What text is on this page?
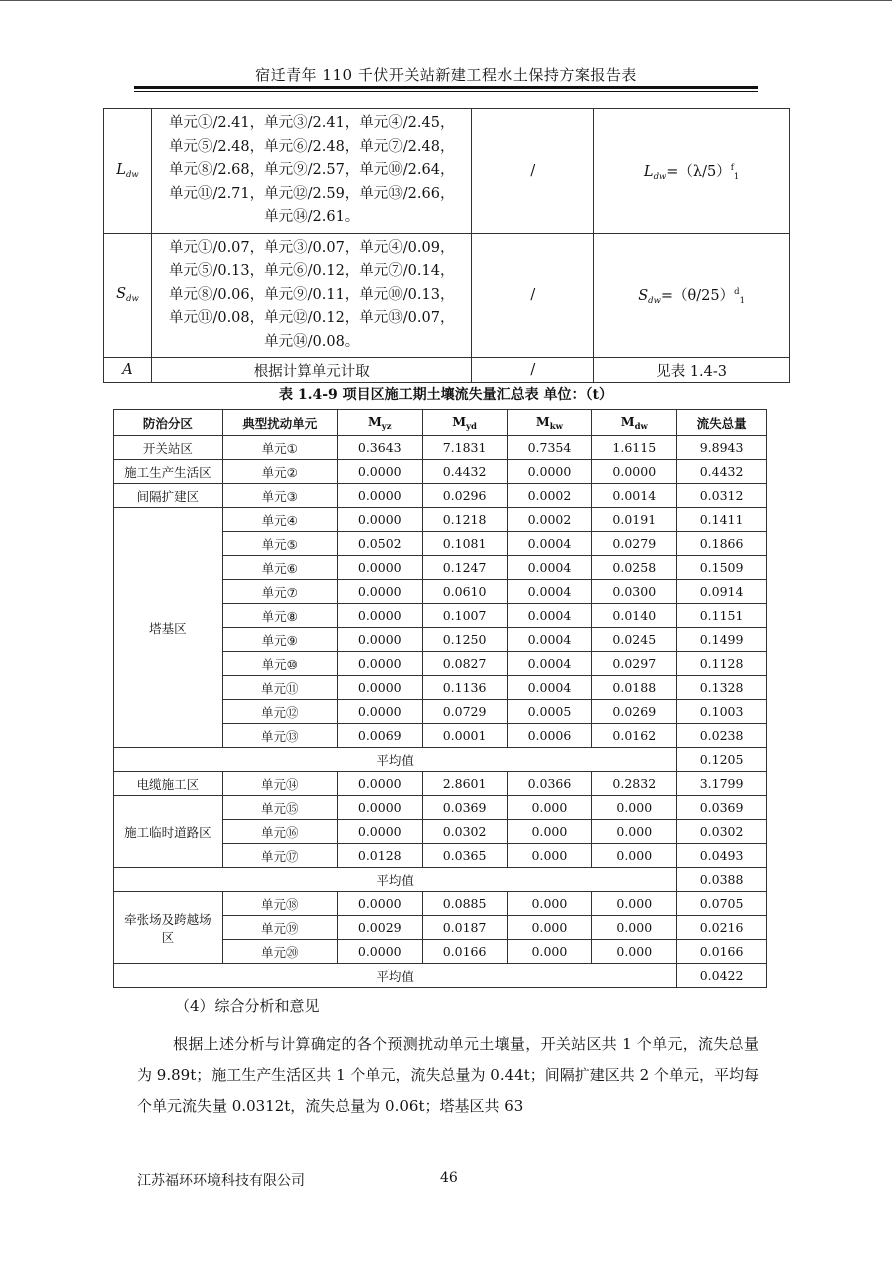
宿迁青年 110 千伏开关站新建工程水土保持方案报告表
$L_{dw}$	单元①/2.41，单元③/2.41，单元④/2.45，
单元⑤/2.48，单元⑥/2.48，单元⑦/2.48，
单元⑧/2.68，单元⑨/2.57，单元⑩/2.64，
单元⑪/2.71，单元⑫/2.59，单元⑬/2.66，
单元⑭/2.61。	/	$L_{dw}=(\lambda/5)^f_1$
$S_{dw}$	单元①/0.07，单元③/0.07，单元④/0.09，
单元⑤/0.13，单元⑥/0.12，单元⑦/0.14，
单元⑧/0.06，单元⑨/0.11，单元⑩/0.13，
单元⑪/0.08，单元⑫/0.12，单元⑬/0.07，
单元⑭/0.08。	/	$S_{dw}=(\theta/25)^d_1$
A	根据计算单元计取	/	见表 1.4-3
表 1.4-9 项目区施工期土壤流失量汇总表 单位：（t）
防治分区	典型扰动单元	$M_{yz}$	$M_{yd}$	$M_{kw}$	$M_{dw}$	流失总量
开关站区	单元①	0.3643	7.1831	0.7354	1.6115	9.8943
施工生产生活区	单元②	0.0000	0.4432	0.0000	0.0000	0.4432
间隔扩建区	单元③	0.0000	0.0296	0.0002	0.0014	0.0312
塔基区	单元④	0.0000	0.1218	0.0002	0.0191	0.1411
	单元⑤	0.0502	0.1081	0.0004	0.0279	0.1866
	单元⑥	0.0000	0.1247	0.0004	0.0258	0.1509
	单元⑦	0.0000	0.0610	0.0004	0.0300	0.0914
	单元⑧	0.0000	0.1007	0.0004	0.0140	0.1151
	单元⑨	0.0000	0.1250	0.0004	0.0245	0.1499
	单元⑩	0.0000	0.0827	0.0004	0.0297	0.1128
	单元⑪	0.0000	0.1136	0.0004	0.0188	0.1328
	单元⑫	0.0000	0.0729	0.0005	0.0269	0.1003
	单元⑬	0.0069	0.0001	0.0006	0.0162	0.0238
平均值						0.1205
电缆施工区	单元⑭	0.0000	2.8601	0.0366	0.2832	3.1799
施工临时道路区	单元⑮	0.0000	0.0369	0.000	0.000	0.0369
	单元⑯	0.0000	0.0302	0.000	0.000	0.0302
	单元⑰	0.0128	0.0365	0.000	0.000	0.0493
平均值						0.0388
牵张场及跨越场区	单元⑱	0.0000	0.0885	0.000	0.000	0.0705
	单元⑲	0.0029	0.0187	0.000	0.000	0.0216
	单元⑳	0.0000	0.0166	0.000	0.000	0.0166
平均值						0.0422
（4）综合分析和意见
根据上述分析与计算确定的各个预测扰动单元土壤量，开关站区共 1 个单元，流失总量为 9.89t；施工生产生活区共 1 个单元，流失总量为 0.44t；间隔扩建区共 2 个单元，平均每个单元流失量 0.0312t，流失总量为 0.06t；塔基区共 63
江苏福环环境科技有限公司	46
